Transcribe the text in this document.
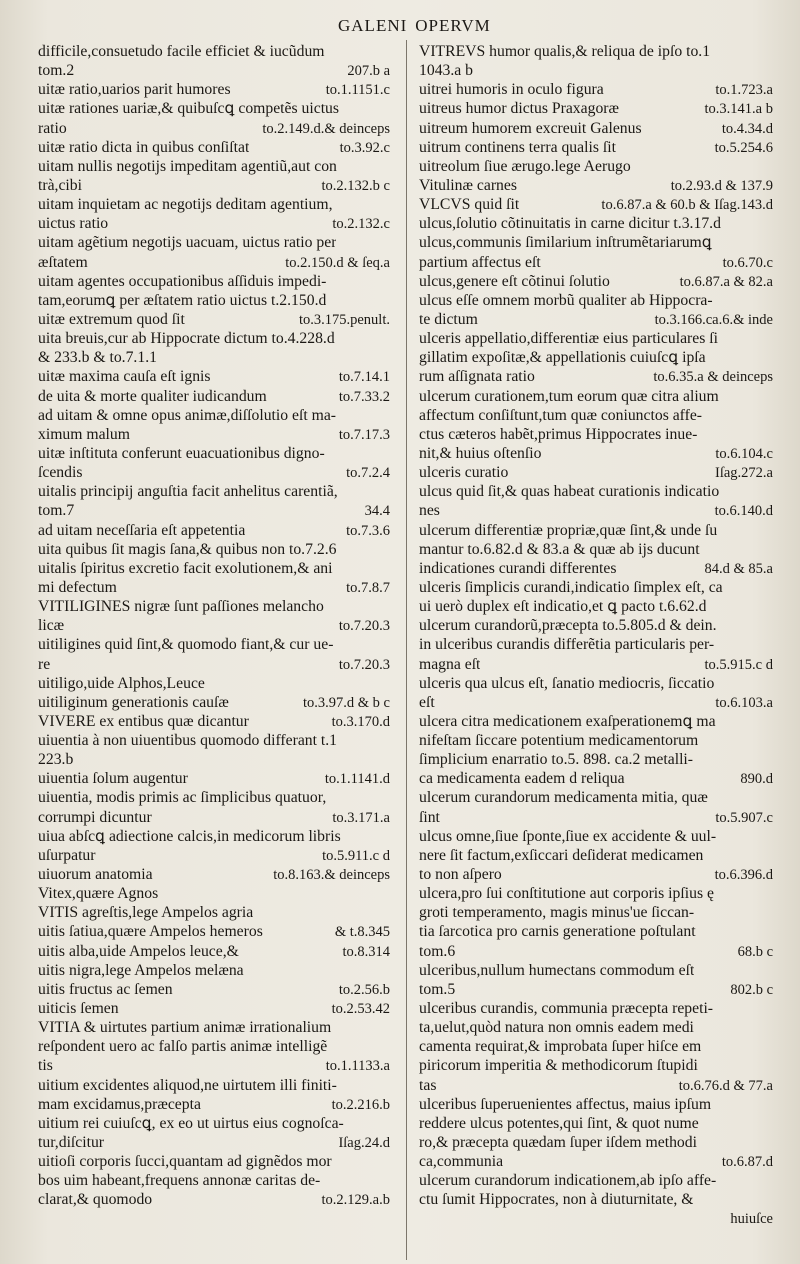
GALENI OPERVM
difficile,consuetudo facile efficiet & iucũdum
tom.2	207.b a
uitæ ratio,uarios parit humores	to.1.1151.c
uitæ rationes uariæ,& quibuſcꝗ competẽs uictus
ratio	to.2.149.d.& deinceps
uitæ ratio dicta in quibus conſiſtat	to.3.92.c
uitam nullis negotijs impeditam agentiũ,aut con
trà,cibi	to.2.132.b c
uitam inquietam ac negotijs deditam agentium,
uictus ratio	to.2.132.c
uitam agẽtium negotijs uacuam, uictus ratio per
æſtatem	to.2.150.d & ſeq.a
uitam agentes occupationibus aſſiduis impedi-
tam,eorumꝗ per æſtatem ratio uictus t.2.150.d
uitæ extremum quod ſit	to.3.175.penult.
uita breuis,cur ab Hippocrate dictum to.4.228.d
& 233.b & to.7.1.1
uitæ maxima cauſa eſt ignis	to.7.14.1
de uita & morte qualiter iudicandum	to.7.33.2
ad uitam & omne opus animæ,diſſolutio eſt ma-
ximum malum	to.7.17.3
uitæ inſtituta conferunt euacuationibus digno-
ſcendis	to.7.2.4
uitalis principij anguſtia facit anhelitus carentiã,
tom.7	34.4
ad uitam neceſſaria eſt appetentia	to.7.3.6
uita quibus ſit magis ſana,& quibus non to.7.2.6
uitalis ſpiritus excretio facit exolutionem,& ani
mi defectum	to.7.8.7
VITILIGINES nigræ ſunt paſſiones melancho
licæ	to.7.20.3
uitiligines quid ſint,& quomodo fiant,& cur ue-
re	to.7.20.3
uitiligo,uide Alphos,Leuce
uitiliginum generationis cauſæ	to.3.97.d & b c
VIVERE ex entibus quæ dicantur	to.3.170.d
uiuentia à non uiuentibus quomodo differant t.1
223.b
uiuentia ſolum augentur	to.1.1141.d
uiuentia, modis primis ac ſimplicibus quatuor,
corrumpi dicuntur	to.3.171.a
uiua abſcꝗ adiectione calcis,in medicorum libris
uſurpatur	to.5.911.c d
uiuorum anatomia	to.8.163.& deinceps
Vitex,quære Agnos
VITIS agreſtis,lege Ampelos agria
uitis ſatiua,quære Ampelos hemeros	& t.8.345
uitis alba,uide Ampelos leuce,&	to.8.314
uitis nigra,lege Ampelos melæna
uitis fructus ac ſemen	to.2.56.b
uiticis ſemen	to.2.53.42
VITIA & uirtutes partium animæ irrationalium
reſpondent uero ac falſo partis animæ intelligẽ
tis	to.1.1133.a
uitium excidentes aliquod,ne uirtutem illi finiti-
mam excidamus,præcepta	to.2.216.b
uitium rei cuiuſcꝗ, ex eo ut uirtus eius cognoſca-
tur,diſcitur	Iſag.24.d
uitioſi corporis ſucci,quantam ad gignẽdos mor
bos uim habeant,frequens annonæ caritas de-
clarat,& quomodo	to.2.129.a.b
VITREVS humor qualis,& reliqua de ipſo to.1
1043.a b
uitrei humoris in oculo figura	to.1.723.a
uitreus humor dictus Praxagoræ	to.3.141.a b
uitreum humorem excreuit Galenus	to.4.34.d
uitrum continens terra qualis ſit	to.5.254.6
uitreolum ſiue ærugo.lege Aerugo
Vitulinæ carnes	to.2.93.d & 137.9
VLCVS quid ſit	to.6.87.a & 60.b & Iſag.143.d
ulcus,ſolutio cõtinuitatis in carne dicitur t.3.17.d
ulcus,communis ſimilarium inſtrumẽtariarumꝗ
partium affectus eſt	to.6.70.c
ulcus,genere eſt cõtinui ſolutio	to.6.87.a & 82.a
ulcus eſſe omnem morbũ qualiter ab Hippocra-
te dictum	to.3.166.ca.6.& inde
ulceris appellatio,differentiæ eius particulares ſi
gillatim expoſitæ,& appellationis cuiuſcꝗ ipſa
rum aſſignata ratio	to.6.35.a & deinceps
ulcerum curationem,tum eorum quæ citra alium
affectum conſiſtunt,tum quæ coniunctos affe-
ctus cæteros habẽt,primus Hippocrates inue-
nit,& huius oſtenſio	to.6.104.c
ulceris curatio	Iſag.272.a
ulcus quid ſit,& quas habeat curationis indicatio
nes	to.6.140.d
ulcerum differentiæ propriæ,quæ ſint,& unde ſu
mantur to.6.82.d & 83.a & quæ ab ijs ducunt
indicationes curandi differentes	84.d & 85.a
ulceris ſimplicis curandi,indicatio ſimplex eſt, ca
ui uerò duplex eſt indicatio,et ꝗ pacto t.6.62.d
ulcerum curandorũ,præcepta to.5.805.d & dein.
in ulceribus curandis differẽtia particularis per-
magna eſt	to.5.915.c d
ulceris qua ulcus eſt, ſanatio mediocris, ſiccatio
eſt	to.6.103.a
ulcera citra medicationem exaſperationemꝗ ma
nifeſtam ſiccare potentium medicamentorum
ſimplicium enarratio to.5. 898. ca.2 metalli-
ca medicamenta eadem d reliqua	890.d
ulcerum curandorum medicamenta mitia, quæ
ſint	to.5.907.c
ulcus omne,ſiue ſponte,ſiue ex accidente & uul-
nere ſit factum,exſiccari deſiderat medicamen
to non aſpero	to.6.396.d
ulcera,pro ſui conſtitutione aut corporis ipſius ę
groti temperamento, magis minus'ue ſiccan-
tia ſarcotica pro carnis generatione poſtulant
tom.6	68.b c
ulceribus,nullum humectans commodum eſt
tom.5	802.b c
ulceribus curandis, communia præcepta repeti-
ta,uelut,quòd natura non omnis eadem medi
camenta requirat,& improbata ſuper hiſce em
piricorum imperitia & methodicorum ſtupidi
tas	to.6.76.d & 77.a
ulceribus ſuperuenientes affectus, maius ipſum
reddere ulcus potentes,qui ſint, & quot nume
ro,& præcepta quædam ſuper iſdem methodi
ca,communia	to.6.87.d
ulcerum curandorum indicationem,ab ipſo affe-
ctu ſumit Hippocrates, non à diuturnitate, &
huiuſce
